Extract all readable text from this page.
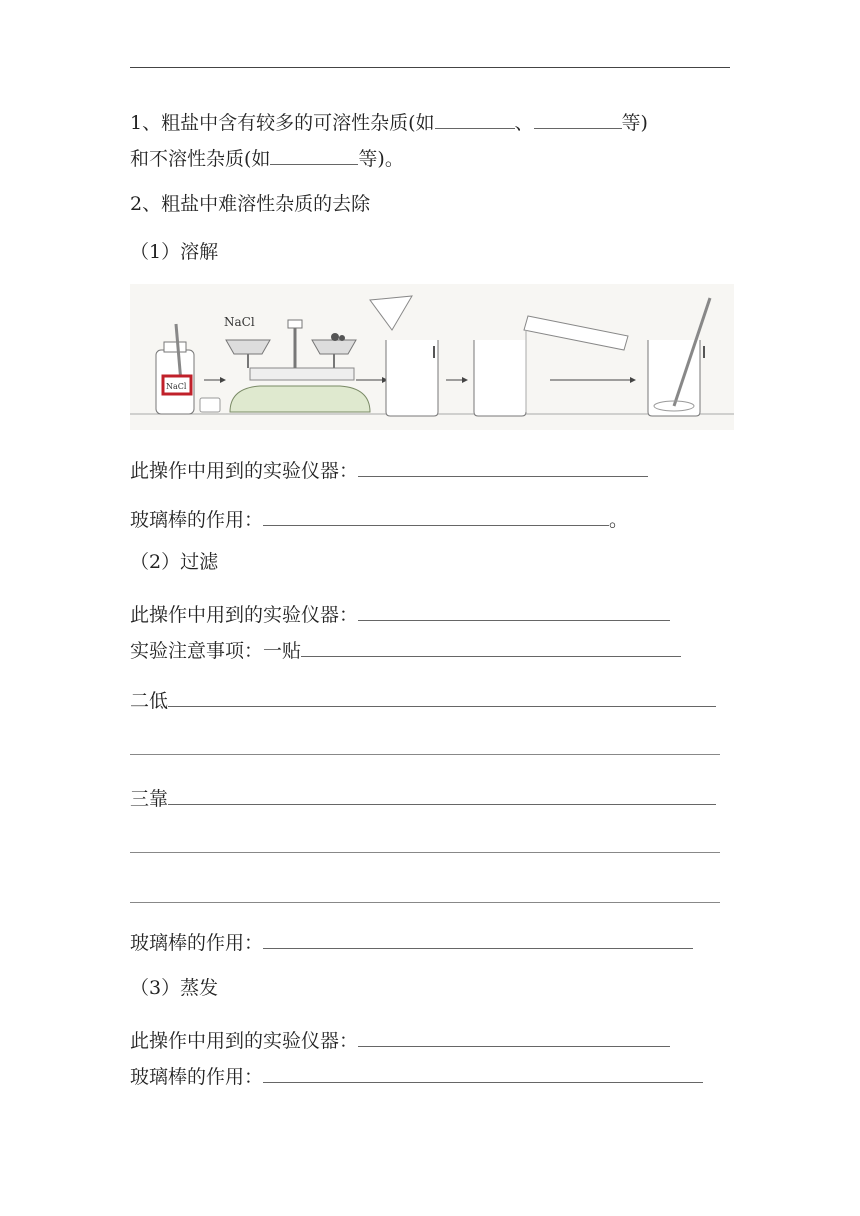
1、粗盐中含有较多的可溶性杂质(如	、	等)
和不溶性杂质(如	等)。
2、粗盐中难溶性杂质的去除
（1）溶解
NaCl
NaCl
此操作中用到的实验仪器：
玻璃棒的作用：	。
（2）过滤
此操作中用到的实验仪器：
实验注意事项：一贴
二低
三靠
玻璃棒的作用：
（3）蒸发
此操作中用到的实验仪器：
玻璃棒的作用：
